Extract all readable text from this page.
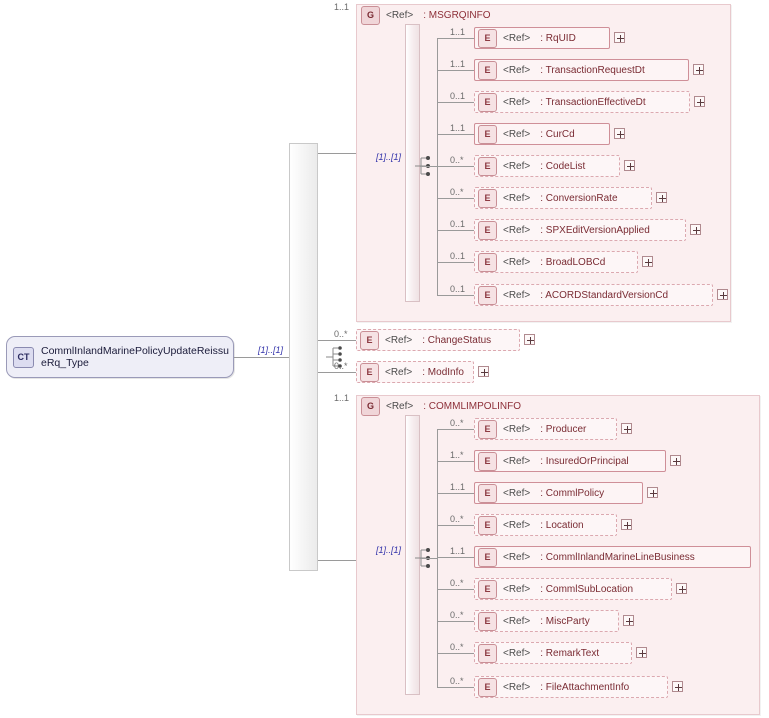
1..1
G	<Ref> : MSGRQINFO
[1]..[1]
1..1
E	<Ref> : RqUID
1..1
E	<Ref> : TransactionRequestDt
0..1
E	<Ref> : TransactionEffectiveDt
1..1
E	<Ref> : CurCd
0..*
E	<Ref> : CodeList
0..*
E	<Ref> : ConversionRate
0..1
E	<Ref> : SPXEditVersionApplied
0..1
E	<Ref> : BroadLOBCd
0..1
E	<Ref> : ACORDStandardVersionCd
CT	CommlInlandMarinePolicyUpdateReissueRq_Type
[1]..[1]
0..*
E	<Ref> : ChangeStatus
0..*
E	<Ref> : ModInfo
1..1
G	<Ref> : COMMLIMPOLINFO
[1]..[1]
0..*
E	<Ref> : Producer
1..*
E	<Ref> : InsuredOrPrincipal
1..1
E	<Ref> : CommlPolicy
0..*
E	<Ref> : Location
1..1
E	<Ref> : CommlInlandMarineLineBusiness
0..*
E	<Ref> : CommlSubLocation
0..*
E	<Ref> : MiscParty
0..*
E	<Ref> : RemarkText
0..*
E	<Ref> : FileAttachmentInfo
